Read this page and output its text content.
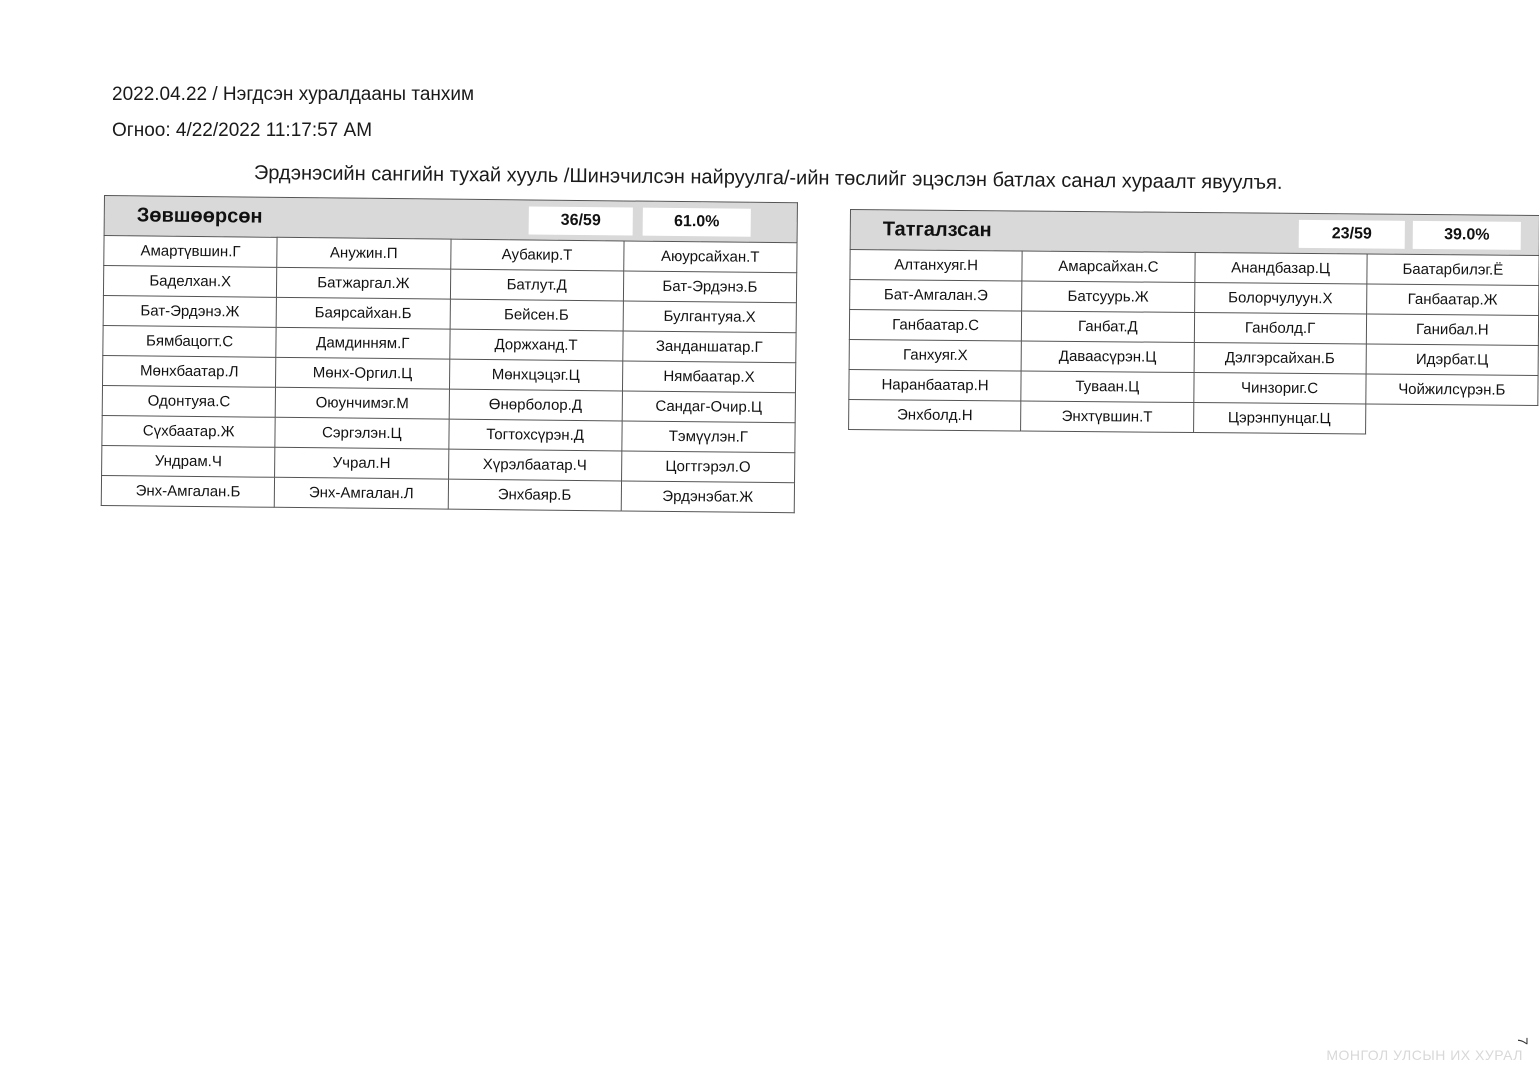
2022.04.22 / Нэгдсэн хуралдааны танхим
Огноо: 4/22/2022 11:17:57 AM
Эрдэнэсийн сангийн тухай хууль /Шинэчилсэн найруулга/-ийн төслийг эцэслэн батлах санал хураалт явуулъя.
Зөвшөөрсөн 36/59 61.0%			

Амартүвшин.Г	Анужин.П	Аубакир.Т	Аюурсайхан.Т
Баделхан.Х	Батжаргал.Ж	Батлут.Д	Бат-Эрдэнэ.Б
Бат-Эрдэнэ.Ж	Баярсайхан.Б	Бейсен.Б	Булгантуяа.Х
Бямбацогт.С	Дамдинням.Г	Доржханд.Т	Занданшатар.Г
Мөнхбаатар.Л	Мөнх-Оргил.Ц	Мөнхцэцэг.Ц	Нямбаатар.Х
Одонтуяа.С	Оюунчимэг.М	Өнөрболор.Д	Сандаг-Очир.Ц
Сүхбаатар.Ж	Сэргэлэн.Ц	Тогтохсүрэн.Д	Тэмүүлэн.Г
Ундрам.Ч	Учрал.Н	Хүрэлбаатар.Ч	Цогтгэрэл.О
Энх-Амгалан.Б	Энх-Амгалан.Л	Энхбаяр.Б	Эрдэнэбат.Ж
Татгалзсан 23/59 39.0%			

Алтанхуяг.Н	Амарсайхан.С	Анандбазар.Ц	Баатарбилэг.Ё
Бат-Амгалан.Э	Батсуурь.Ж	Болорчулуун.Х	Ганбаатар.Ж
Ганбаатар.С	Ганбат.Д	Ганболд.Г	Ганибал.Н
Ганхуяг.Х	Даваасүрэн.Ц	Дэлгэрсайхан.Б	Идэрбат.Ц
Наранбаатар.Н	Туваан.Ц	Чинзориг.С	Чойжилсүрэн.Б
Энхболд.Н	Энхтүвшин.Т	Цэрэнпунцаг.Ц	
7
МОНГОЛ УЛСЫН ИХ ХУРАЛ
